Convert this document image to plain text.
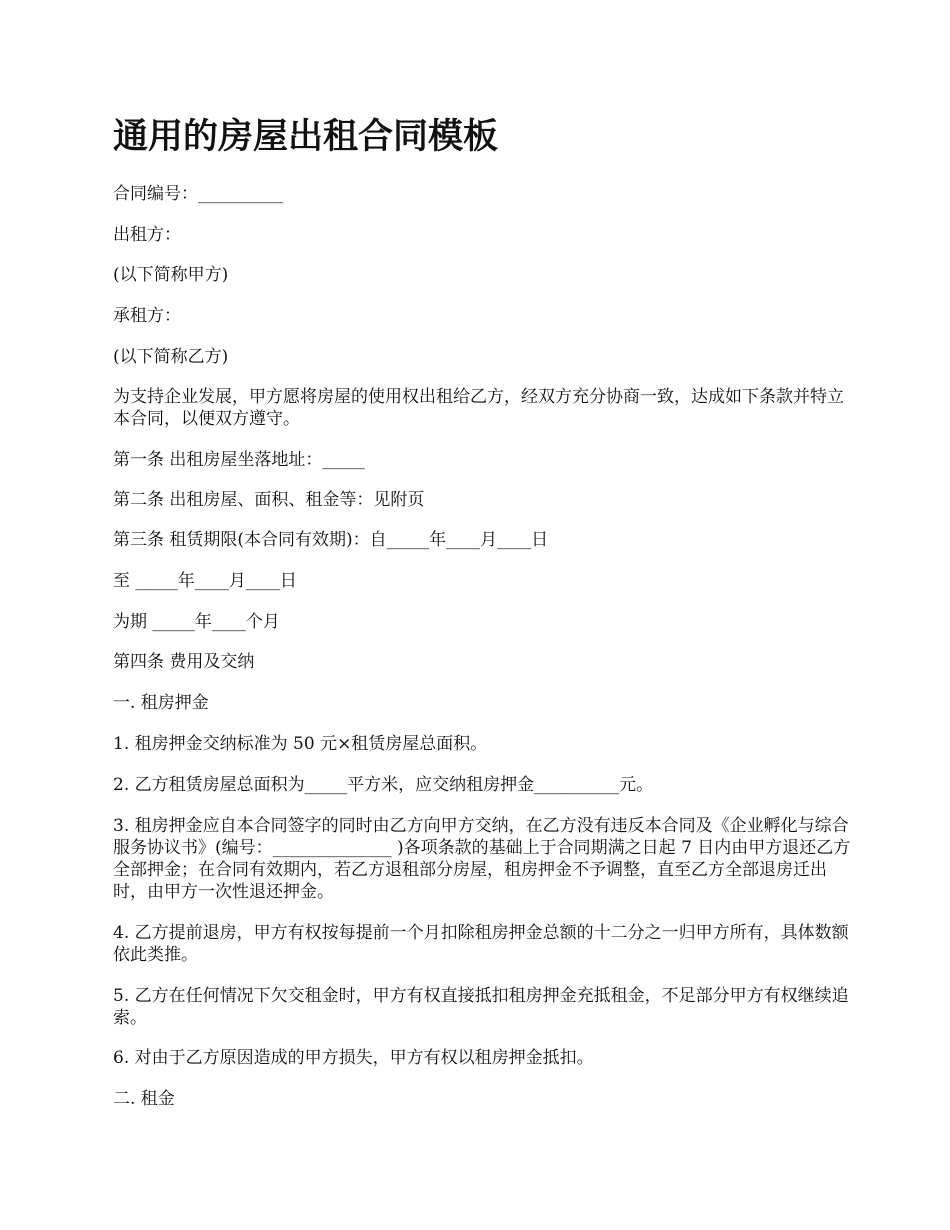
通用的房屋出租合同模板

合同编号：__________

出租方：

(以下简称甲方)

承租方：

(以下简称乙方)

为支持企业发展，甲方愿将房屋的使用权出租给乙方，经双方充分协商一致，达成如下条款并特立本合同，以便双方遵守。

第一条 出租房屋坐落地址：_____

第二条 出租房屋、面积、租金等：见附页

第三条 租赁期限(本合同有效期)：自_____年____月____日

至 _____年____月____日

为期 _____年____个月

第四条 费用及交纳

一. 租房押金

1. 租房押金交纳标准为 50 元×租赁房屋总面积。

2. 乙方租赁房屋总面积为_____平方米，应交纳租房押金__________元。

3. 租房押金应自本合同签字的同时由乙方向甲方交纳，在乙方没有违反本合同及《企业孵化与综合服务协议书》(编号：______________ )各项条款的基础上于合同期满之日起 7 日内由甲方退还乙方全部押金；在合同有效期内，若乙方退租部分房屋，租房押金不予调整，直至乙方全部退房迁出时，由甲方一次性退还押金。

4. 乙方提前退房，甲方有权按每提前一个月扣除租房押金总额的十二分之一归甲方所有，具体数额依此类推。

5. 乙方在任何情况下欠交租金时，甲方有权直接抵扣租房押金充抵租金，不足部分甲方有权继续追索。

6. 对由于乙方原因造成的甲方损失，甲方有权以租房押金抵扣。

二. 租金
